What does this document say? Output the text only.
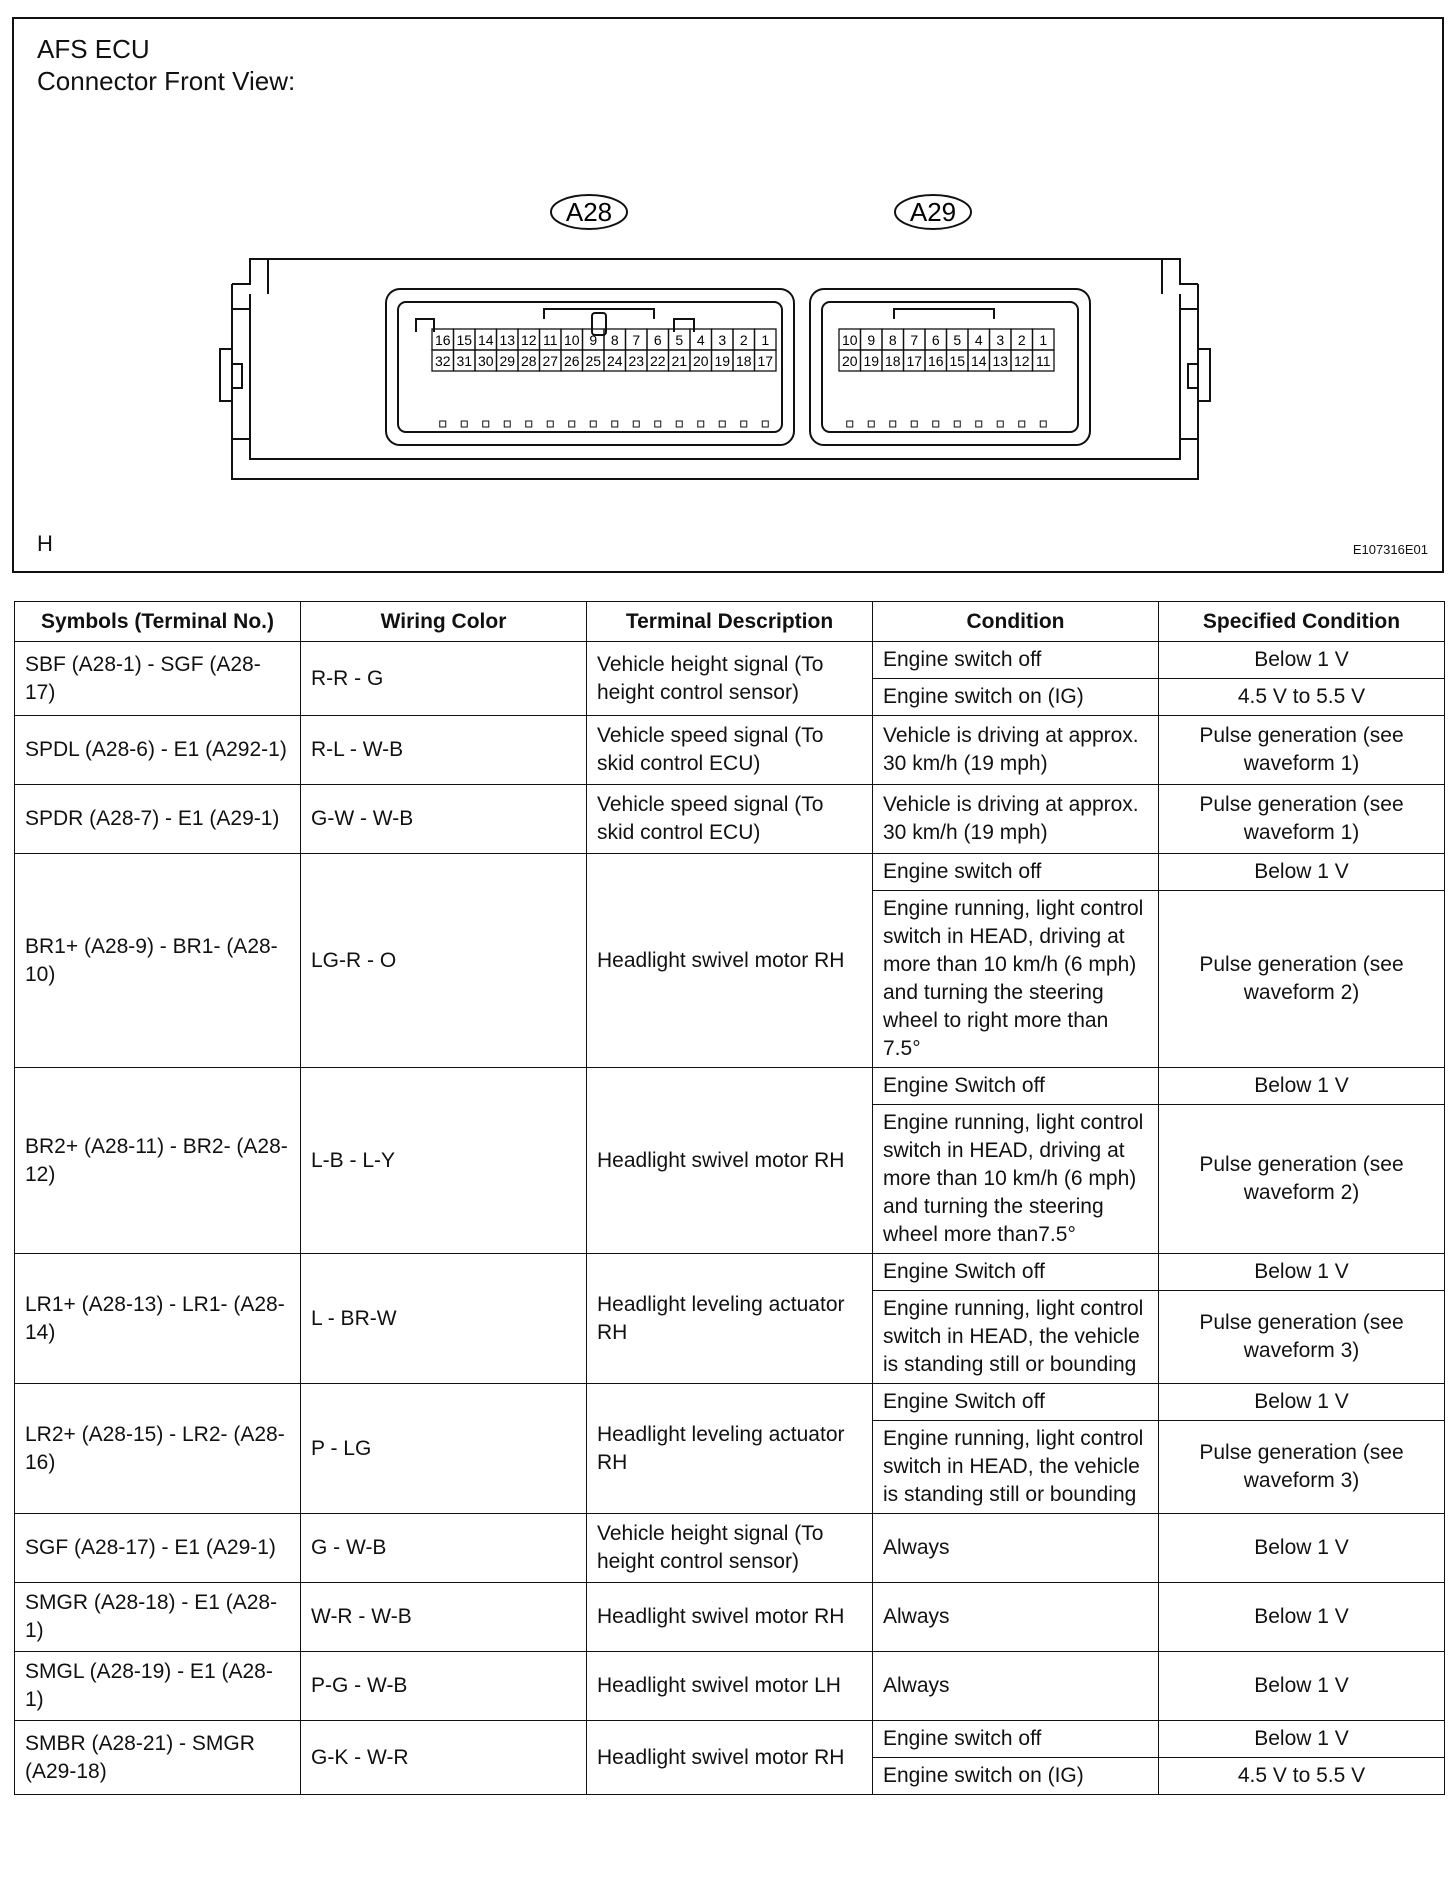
AFS ECU
Connector Front View:
A28	A29
16 15 14 13 12 11 10 9 8 7 6 5 4 3 2 1
32 31 30 29 28 27 26 25 24 23 22 21 20 19 18 17
10 9 8 7 6 5 4 3 2 1
20 19 18 17 16 15 14 13 12 11
H	E107316E01
Symbols (Terminal No.)	Wiring Color	Terminal Description	Condition	Specified Condition
SBF (A28-1) - SGF (A28-17)	R-R - G	Vehicle height signal (To height control sensor)	Engine switch off	Below 1 V
			Engine switch on (IG)	4.5 V to 5.5 V
SPDL (A28-6) - E1 (A292-1)	R-L - W-B	Vehicle speed signal (To skid control ECU)	Vehicle is driving at approx. 30 km/h (19 mph)	Pulse generation (see waveform 1)
SPDR (A28-7) - E1 (A29-1)	G-W - W-B	Vehicle speed signal (To skid control ECU)	Vehicle is driving at approx. 30 km/h (19 mph)	Pulse generation (see waveform 1)
BR1+ (A28-9) - BR1- (A28-10)	LG-R - O	Headlight swivel motor RH	Engine switch off	Below 1 V
			Engine running, light control switch in HEAD, driving at more than 10 km/h (6 mph) and turning the steering wheel to right more than 7.5°	Pulse generation (see waveform 2)
BR2+ (A28-11) - BR2- (A28-12)	L-B - L-Y	Headlight swivel motor RH	Engine Switch off	Below 1 V
			Engine running, light control switch in HEAD, driving at more than 10 km/h (6 mph) and turning the steering wheel more than7.5°	Pulse generation (see waveform 2)
LR1+ (A28-13) - LR1- (A28-14)	L - BR-W	Headlight leveling actuator RH	Engine Switch off	Below 1 V
			Engine running, light control switch in HEAD, the vehicle is standing still or bounding	Pulse generation (see waveform 3)
LR2+ (A28-15) - LR2- (A28-16)	P - LG	Headlight leveling actuator RH	Engine Switch off	Below 1 V
			Engine running, light control switch in HEAD, the vehicle is standing still or bounding	Pulse generation (see waveform 3)
SGF (A28-17) - E1 (A29-1)	G - W-B	Vehicle height signal (To height control sensor)	Always	Below 1 V
SMGR (A28-18) - E1 (A28-1)	W-R - W-B	Headlight swivel motor RH	Always	Below 1 V
SMGL (A28-19) - E1 (A28-1)	P-G - W-B	Headlight swivel motor LH	Always	Below 1 V
SMBR (A28-21) - SMGR (A29-18)	G-K - W-R	Headlight swivel motor RH	Engine switch off	Below 1 V
			Engine switch on (IG)	4.5 V to 5.5 V
